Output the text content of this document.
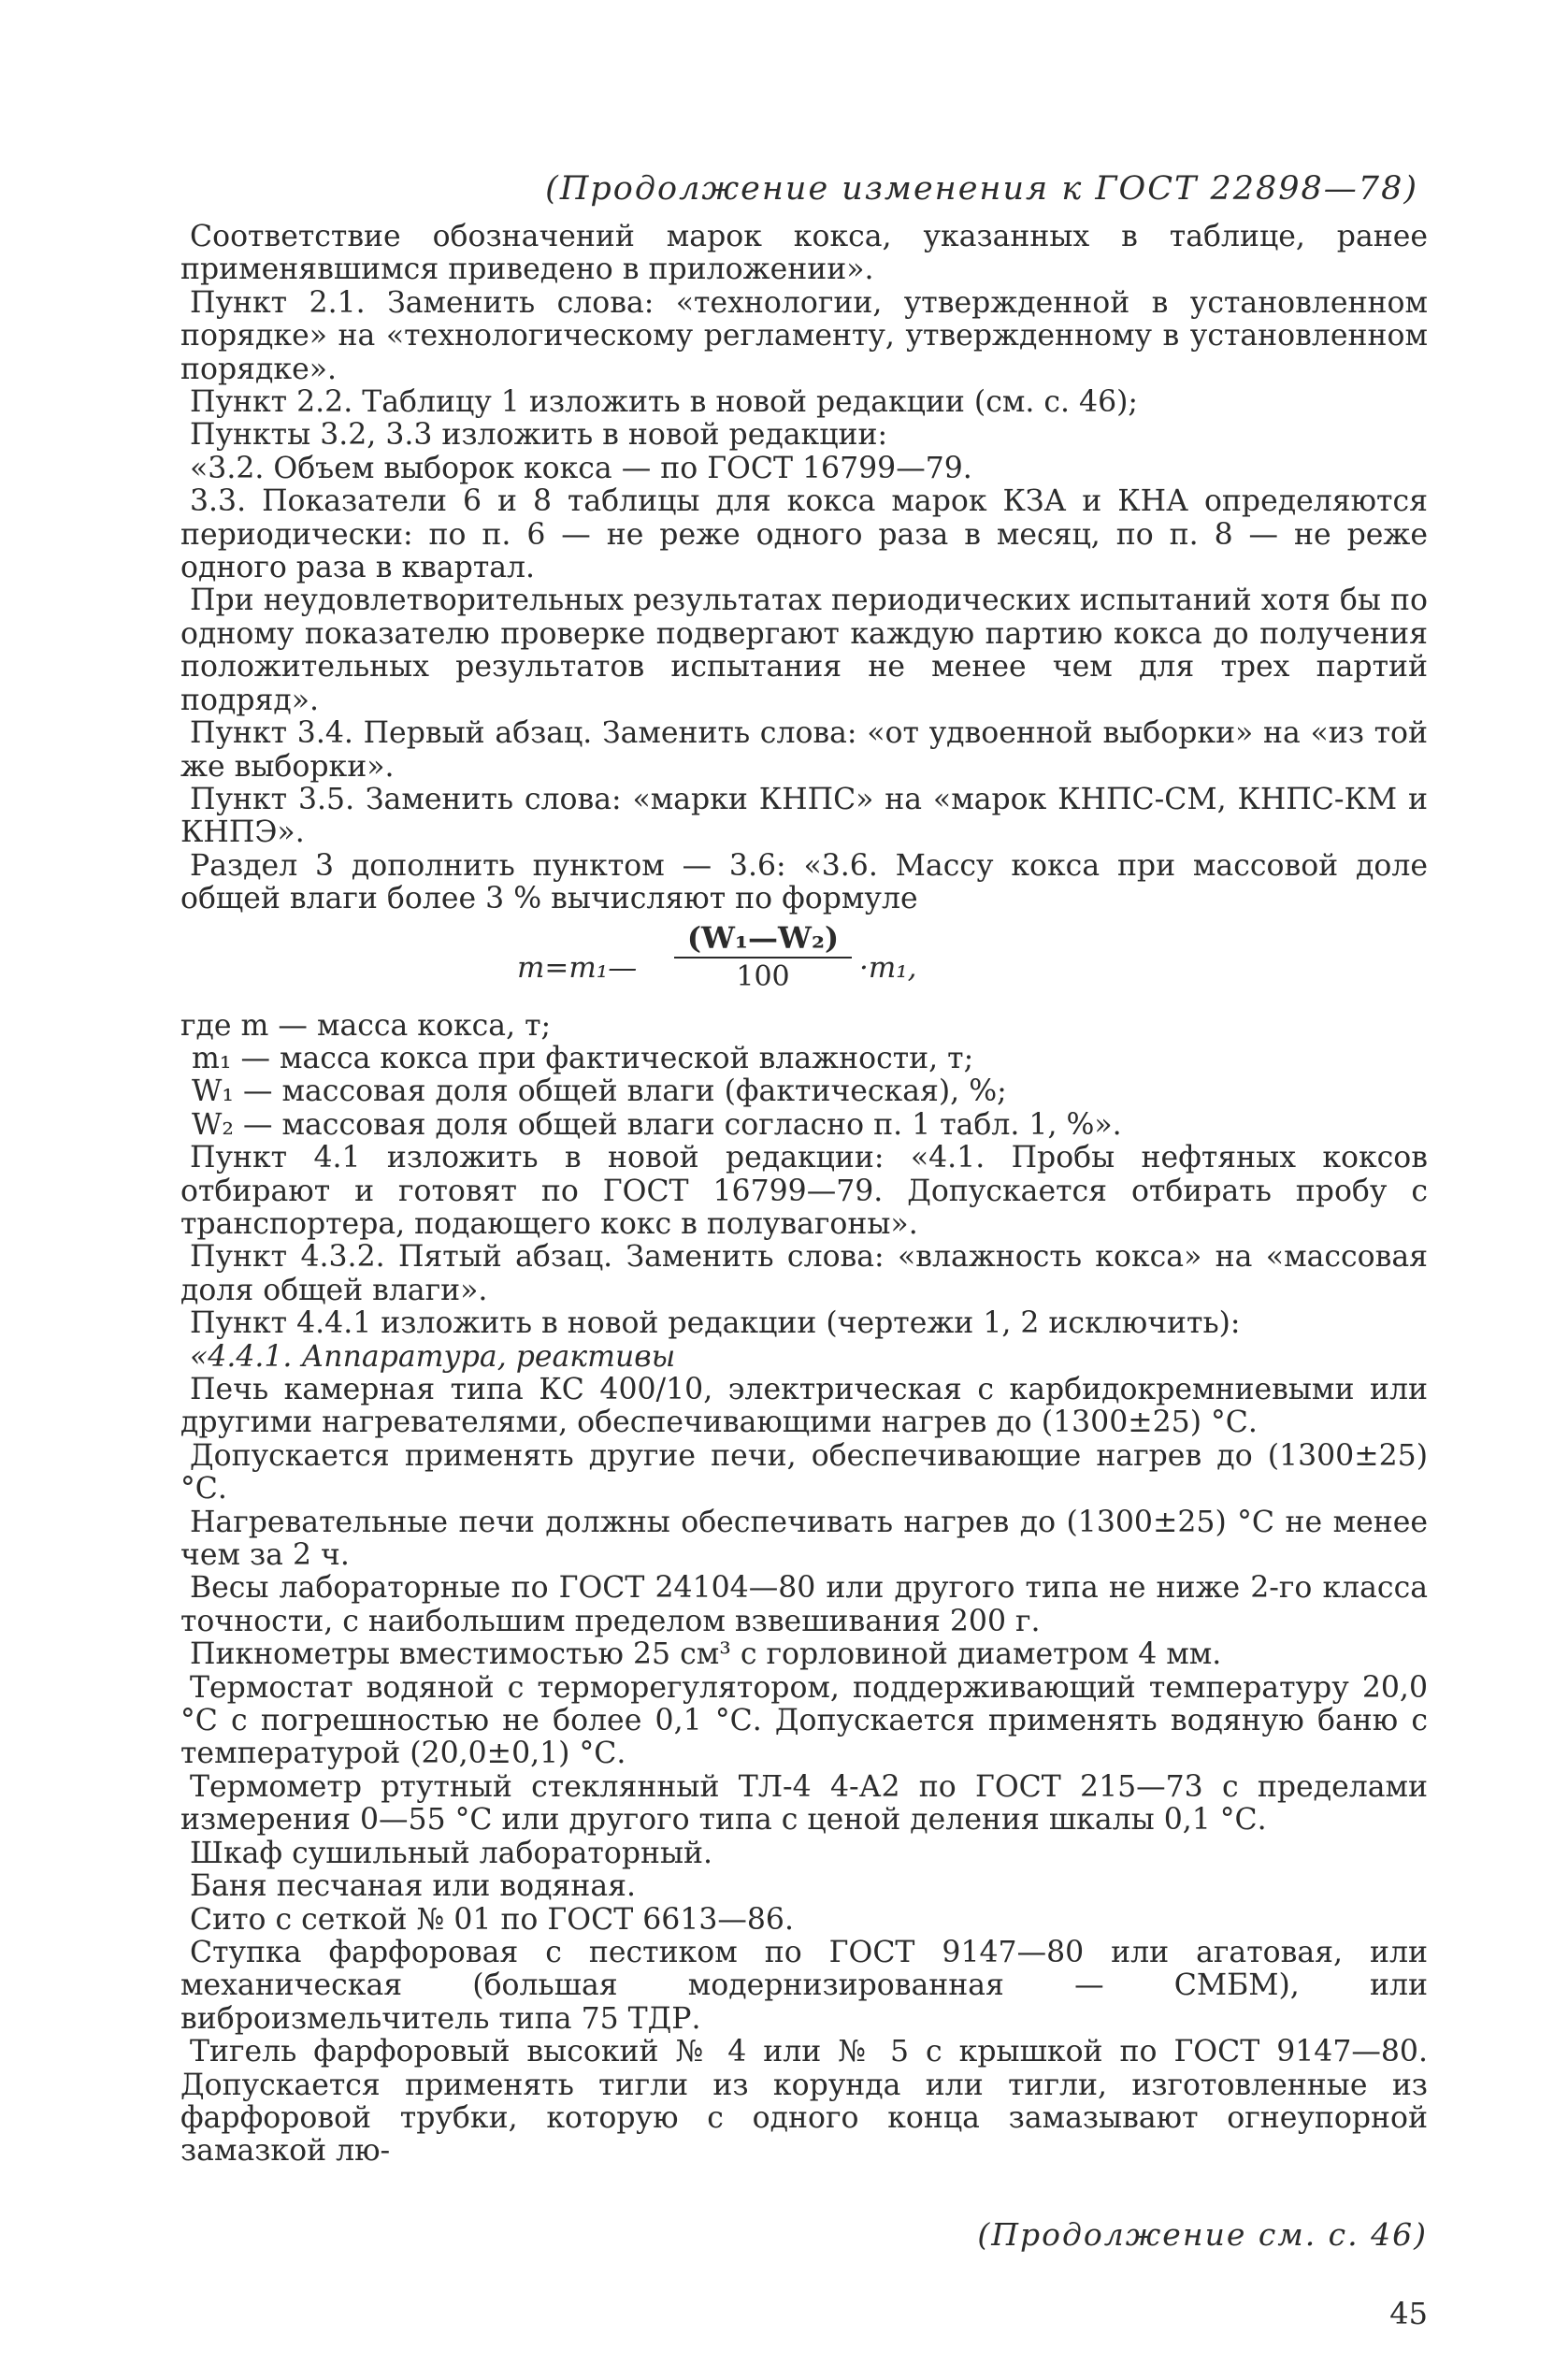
(Продолжение изменения к ГОСТ 22898—78)

Соответствие обозначений марок кокса, указанных в таблице, ранее применявшимся приведено в приложении».

Пункт 2.1. Заменить слова: «технологии, утвержденной в установленном порядке» на «технологическому регламенту, утвержденному в установленном порядке».

Пункт 2.2. Таблицу 1 изложить в новой редакции (см. с. 46);

Пункты 3.2, 3.3 изложить в новой редакции:

«3.2. Объем выборок кокса — по ГОСТ 16799—79.

3.3. Показатели 6 и 8 таблицы для кокса марок КЗА и КНА определяются периодически: по п. 6 — не реже одного раза в месяц, по п. 8 — не реже одного раза в квартал.

При неудовлетворительных результатах периодических испытаний хотя бы по одному показателю проверке подвергают каждую партию кокса до получения положительных результатов испытания не менее чем для трех партий подряд».

Пункт 3.4. Первый абзац. Заменить слова: «от удвоенной выборки» на «из той же выборки».

Пункт 3.5. Заменить слова: «марки КНПС» на «марок КНПС-СМ, КНПС-КМ и КНПЭ».

Раздел 3 дополнить пунктом — 3.6: «3.6. Массу кокса при массовой доле общей влаги более 3 % вычисляют по формуле

m=m₁— $\frac{\text{(W₁—W₂)}}{100} \cdot m_1$,

где m — масса кокса, т;

m₁ — масса кокса при фактической влажности, т;

W₁ — массовая доля общей влаги (фактическая), %;

W₂ — массовая доля общей влаги согласно п. 1 табл. 1, %».

Пункт 4.1 изложить в новой редакции: «4.1. Пробы нефтяных коксов отбирают и готовят по ГОСТ 16799—79. Допускается отбирать пробу с транспортера, подающего кокс в полувагоны».

Пункт 4.3.2. Пятый абзац. Заменить слова: «влажность кокса» на «массовая доля общей влаги».

Пункт 4.4.1 изложить в новой редакции (чертежи 1, 2 исключить):

«4.4.1. Аппаратура, реактивы

Печь камерная типа КС 400/10, электрическая с карбидокремниевыми или другими нагревателями, обеспечивающими нагрев до (1300±25) °С.

Допускается применять другие печи, обеспечивающие нагрев до (1300±25) °С.

Нагревательные печи должны обеспечивать нагрев до (1300±25) °С не менее чем за 2 ч.

Весы лабораторные по ГОСТ 24104—80 или другого типа не ниже 2-го класса точности, с наибольшим пределом взвешивания 200 г.

Пикнометры вместимостью 25 см³ с горловиной диаметром 4 мм.

Термостат водяной с терморегулятором, поддерживающий температуру 20,0 °С с погрешностью не более 0,1 °С. Допускается применять водяную баню с температурой (20,0±0,1) °С.

Термометр ртутный стеклянный ТЛ-4 4-А2 по ГОСТ 215—73 с пределами измерения 0—55 °С или другого типа с ценой деления шкалы 0,1 °С.

Шкаф сушильный лабораторный.

Баня песчаная или водяная.

Сито с сеткой № 01 по ГОСТ 6613—86.

Ступка фарфоровая с пестиком по ГОСТ 9147—80 или агатовая, или механическая (большая модернизированная — СМБМ), или виброизмельчитель типа 75 ТДР.

Тигель фарфоровый высокий № 4 или № 5 с крышкой по ГОСТ 9147—80. Допускается применять тигли из корунда или тигли, изготовленные из фарфоровой трубки, которую с одного конца замазывают огнеупорной замазкой лю-

(Продолжение см. с. 46)
45
